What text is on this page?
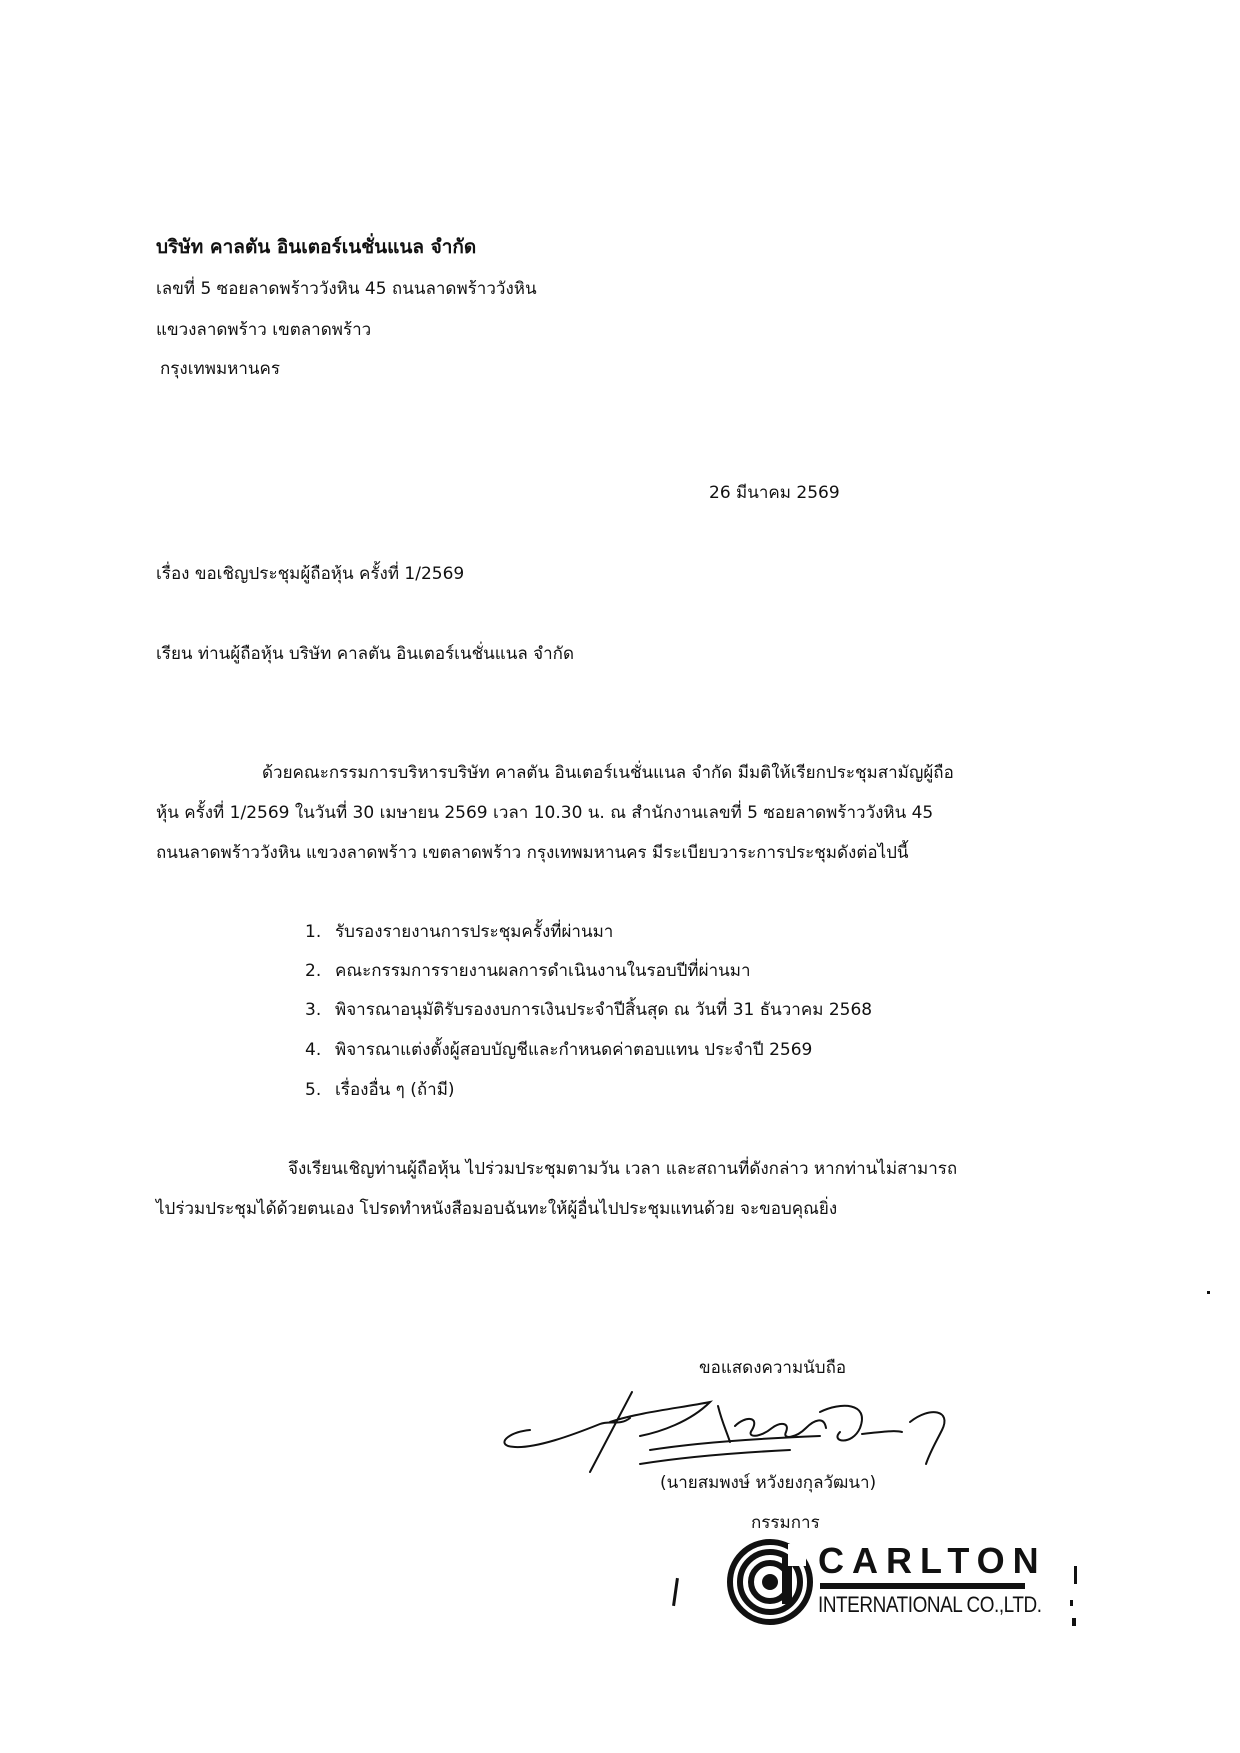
บริษัท คาลตัน อินเตอร์เนชั่นแนล จำกัด
เลขที่ 5 ซอยลาดพร้าววังหิน 45 ถนนลาดพร้าววังหิน
แขวงลาดพร้าว เขตลาดพร้าว
กรุงเทพมหานคร
26 มีนาคม 2569
เรื่อง ขอเชิญประชุมผู้ถือหุ้น ครั้งที่ 1/2569
เรียน ท่านผู้ถือหุ้น บริษัท คาลตัน อินเตอร์เนชั่นแนล จำกัด
ด้วยคณะกรรมการบริหารบริษัท คาลตัน อินเตอร์เนชั่นแนล จำกัด มีมติให้เรียกประชุมสามัญผู้ถือ
หุ้น ครั้งที่ 1/2569 ในวันที่ 30 เมษายน 2569 เวลา 10.30 น. ณ สำนักงานเลขที่ 5 ซอยลาดพร้าววังหิน 45
ถนนลาดพร้าววังหิน แขวงลาดพร้าว เขตลาดพร้าว กรุงเทพมหานคร มีระเบียบวาระการประชุมดังต่อไปนี้
1. รับรองรายงานการประชุมครั้งที่ผ่านมา
2. คณะกรรมการรายงานผลการดำเนินงานในรอบปีที่ผ่านมา
3. พิจารณาอนุมัติรับรองงบการเงินประจำปีสิ้นสุด ณ วันที่ 31 ธันวาคม 2568
4. พิจารณาแต่งตั้งผู้สอบบัญชีและกำหนดค่าตอบแทน ประจำปี 2569
5. เรื่องอื่น ๆ (ถ้ามี)
จึงเรียนเชิญท่านผู้ถือหุ้น ไปร่วมประชุมตามวัน เวลา และสถานที่ดังกล่าว หากท่านไม่สามารถ
ไปร่วมประชุมได้ด้วยตนเอง โปรดทำหนังสือมอบฉันทะให้ผู้อื่นไปประชุมแทนด้วย จะขอบคุณยิ่ง
ขอแสดงความนับถือ
(นายสมพงษ์ หวังยงกุลวัฒนา)
กรรมการ
CARLTON
INTERNATIONAL CO.,LTD.
